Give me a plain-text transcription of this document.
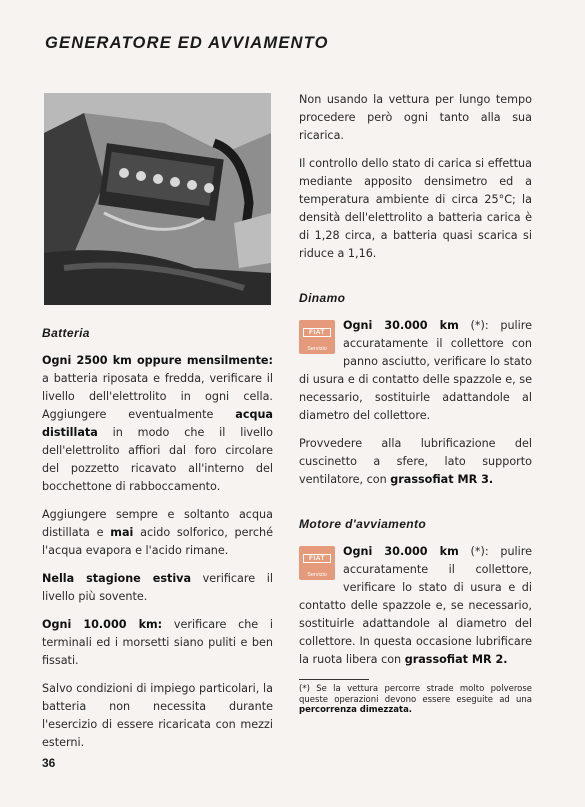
GENERATORE ED AVVIAMENTO
Batteria

Ogni 2500 km oppure mensilmente: a batteria riposata e fredda, verificare il livello dell'elettrolito in ogni cella. Aggiungere eventualmente acqua distillata in modo che il livello dell'elettrolito affiori dal foro circolare del pozzetto ricavato all'interno del bocchettone di rabboccamento.

Aggiungere sempre e soltanto acqua distillata e mai acido solforico, perché l'acqua evapora e l'acido rimane.

Nella stagione estiva verificare il livello più sovente.

Ogni 10.000 km: verificare che i terminali ed i morsetti siano puliti e ben fissati.

Salvo condizioni di impiego particolari, la batteria non necessita durante l'esercizio di essere ricaricata con mezzi esterni.

Non usando la vettura per lungo tempo procedere però ogni tanto alla sua ricarica.

Il controllo dello stato di carica si effettua mediante apposito densimetro ed a temperatura ambiente di circa 25°C; la densità dell'elettrolito a batteria carica è di 1,28 circa, a batteria quasi scarica si riduce a 1,16.

Dinamo

FIAT
Servizio
Ogni 30.000 km (*): pulire accuratamente il collettore con panno asciutto, verificare lo stato di usura e di contatto delle spazzole e, se necessario, sostituirle adattandole al diametro del collettore.

Provvedere alla lubrificazione del cuscinetto a sfere, lato supporto ventilatore, con grassofiat MR 3.

Motore d'avviamento

FIAT
Servizio
Ogni 30.000 km (*): pulire accuratamente il collettore, verificare lo stato di usura e di contatto delle spazzole e, se necessario, sostituirle adattandole al diametro del collettore. In questa occasione lubrificare la ruota libera con grassofiat MR 2.

(*) Se la vettura percorre strade molto polverose queste operazioni devono essere eseguite ad una percorrenza dimezzata.
36
